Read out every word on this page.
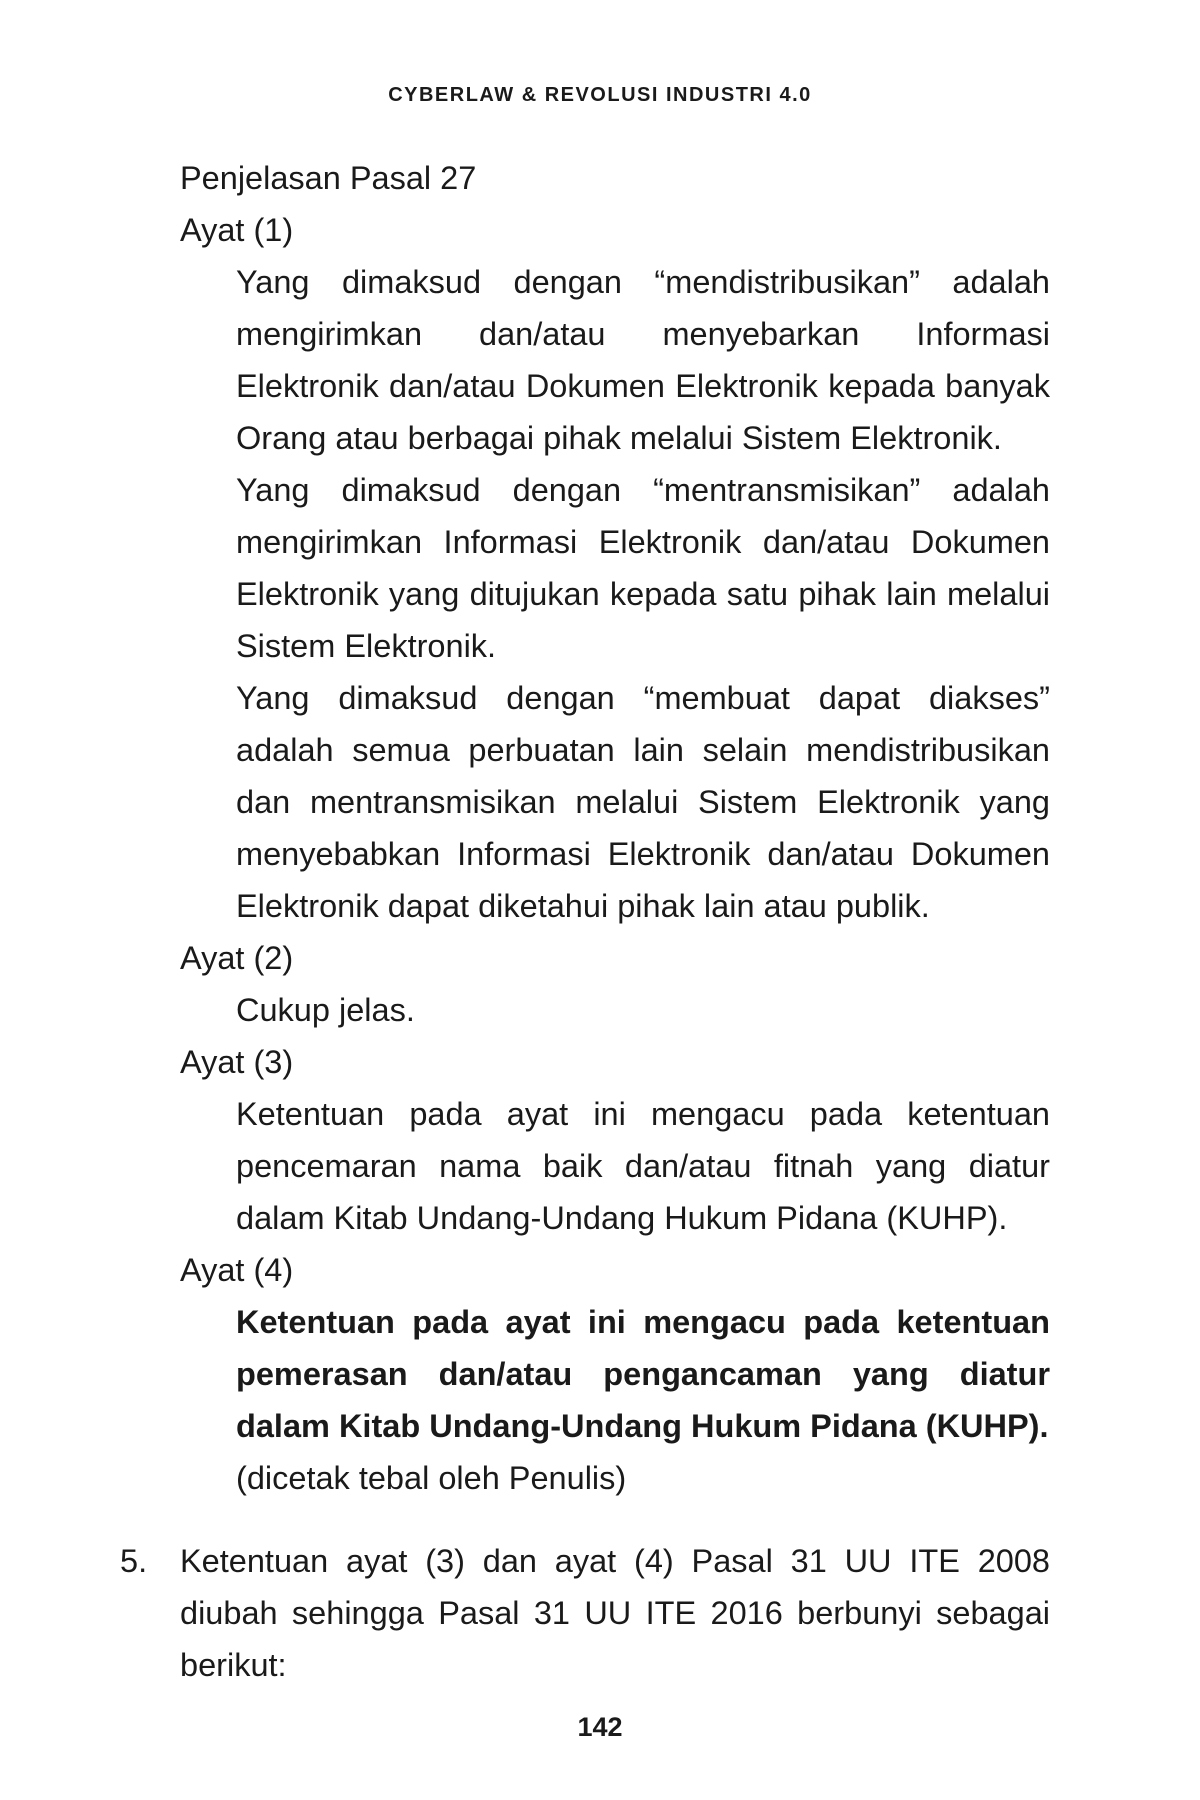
CYBERLAW & REVOLUSI INDUSTRI 4.0

Penjelasan Pasal 27

Ayat (1)

Yang dimaksud dengan “mendistribusikan” adalah mengirimkan dan/atau menyebarkan Informasi Elektronik dan/atau Dokumen Elektronik kepada banyak Orang atau berbagai pihak melalui Sistem Elektronik.

Yang dimaksud dengan “mentransmisikan” adalah mengirimkan Informasi Elektronik dan/atau Dokumen Elektronik yang ditujukan kepada satu pihak lain melalui Sistem Elektronik.

Yang dimaksud dengan “membuat dapat diakses” adalah semua perbuatan lain selain mendistribusikan dan mentransmisikan melalui Sistem Elektronik yang menyebabkan Informasi Elektronik dan/atau Dokumen Elektronik dapat diketahui pihak lain atau publik.

Ayat (2)

Cukup jelas.

Ayat (3)

Ketentuan pada ayat ini mengacu pada ketentuan pencemaran nama baik dan/atau fitnah yang diatur dalam Kitab Undang-Undang Hukum Pidana (KUHP).

Ayat (4)

Ketentuan pada ayat ini mengacu pada ketentuan pemerasan dan/atau pengancaman yang diatur dalam Kitab Undang-Undang Hukum Pidana (KUHP).

(dicetak tebal oleh Penulis)

5.	Ketentuan ayat (3) dan ayat (4) Pasal 31 UU ITE 2008 diubah sehingga Pasal 31 UU ITE 2016 berbunyi sebagai berikut:

142
